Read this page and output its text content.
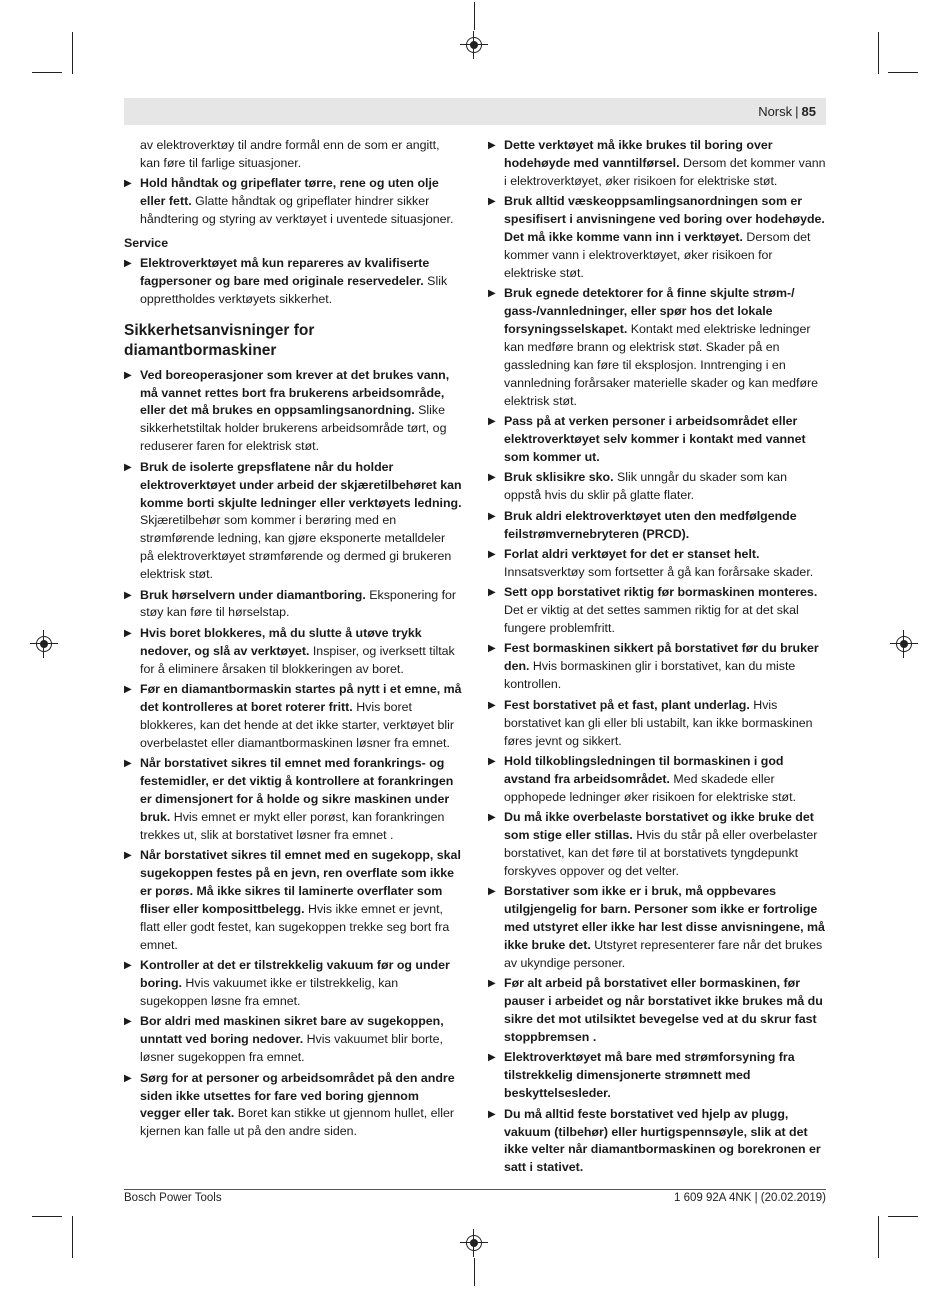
Norsk | 85

av elektroverktøy til andre formål enn de som er angitt, kan føre til farlige situasjoner.

▶ Hold håndtak og gripeflater tørre, rene og uten olje eller fett. Glatte håndtak og gripeflater hindrer sikker håndtering og styring av verktøyet i uventede situasjoner.

Service

▶ Elektroverktøyet må kun repareres av kvalifiserte fagpersoner og bare med originale reservedeler. Slik opprettholdes verktøyets sikkerhet.

Sikkerhetsanvisninger for diamantbormaskiner

▶ Ved boreoperasjoner som krever at det brukes vann, må vannet rettes bort fra brukerens arbeidsområde, eller det må brukes en oppsamlingsanordning. Slike sikkerhetstiltak holder brukerens arbeidsområde tørt, og reduserer faren for elektrisk støt.

▶ Bruk de isolerte grepsflatene når du holder elektroverktøyet under arbeid der skjæretilbehøret kan komme borti skjulte ledninger eller verktøyets ledning. Skjæretilbehør som kommer i berøring med en strømførende ledning, kan gjøre eksponerte metalldeler på elektroverktøyet strømførende og dermed gi brukeren elektrisk støt.

▶ Bruk hørselvern under diamantboring. Eksponering for støy kan føre til hørselstap.

▶ Hvis boret blokkeres, må du slutte å utøve trykk nedover, og slå av verktøyet. Inspiser, og iverksett tiltak for å eliminere årsaken til blokkeringen av boret.

▶ Før en diamantbormaskin startes på nytt i et emne, må det kontrolleres at boret roterer fritt. Hvis boret blokkeres, kan det hende at det ikke starter, verktøyet blir overbelastet eller diamantbormaskinen løsner fra emnet.

▶ Når borstativet sikres til emnet med forankrings- og festemidler, er det viktig å kontrollere at forankringen er dimensjonert for å holde og sikre maskinen under bruk. Hvis emnet er mykt eller porøst, kan forankringen trekkes ut, slik at borstativet løsner fra emnet .

▶ Når borstativet sikres til emnet med en sugekopp, skal sugekoppen festes på en jevn, ren overflate som ikke er porøs. Må ikke sikres til laminerte overflater som fliser eller komposittbelegg. Hvis ikke emnet er jevnt, flatt eller godt festet, kan sugekoppen trekke seg bort fra emnet.

▶ Kontroller at det er tilstrekkelig vakuum før og under boring. Hvis vakuumet ikke er tilstrekkelig, kan sugekoppen løsne fra emnet.

▶ Bor aldri med maskinen sikret bare av sugekoppen, unntatt ved boring nedover. Hvis vakuumet blir borte, løsner sugekoppen fra emnet.

▶ Sørg for at personer og arbeidsområdet på den andre siden ikke utsettes for fare ved boring gjennom vegger eller tak. Boret kan stikke ut gjennom hullet, eller kjernen kan falle ut på den andre siden.

▶ Dette verktøyet må ikke brukes til boring over hodehøyde med vanntilførsel. Dersom det kommer vann i elektroverktøyet, øker risikoen for elektriske støt.

▶ Bruk alltid væskeoppsamlingsanordningen som er spesifisert i anvisningene ved boring over hodehøyde. Det må ikke komme vann inn i verktøyet. Dersom det kommer vann i elektroverktøyet, øker risikoen for elektriske støt.

▶ Bruk egnede detektorer for å finne skjulte strøm-/ gass-/vannledninger, eller spør hos det lokale forsyningsselskapet. Kontakt med elektriske ledninger kan medføre brann og elektrisk støt. Skader på en gassledning kan føre til eksplosjon. Inntrenging i en vannledning forårsaker materielle skader og kan medføre elektrisk støt.

▶ Pass på at verken personer i arbeidsområdet eller elektroverktøyet selv kommer i kontakt med vannet som kommer ut.

▶ Bruk sklisikre sko. Slik unngår du skader som kan oppstå hvis du sklir på glatte flater.

▶ Bruk aldri elektroverktøyet uten den medfølgende feilstrømvernebryteren (PRCD).

▶ Forlat aldri verktøyet for det er stanset helt. Innsatsverktøy som fortsetter å gå kan forårsake skader.

▶ Sett opp borstativet riktig før bormaskinen monteres. Det er viktig at det settes sammen riktig for at det skal fungere problemfritt.

▶ Fest bormaskinen sikkert på borstativet før du bruker den. Hvis bormaskinen glir i borstativet, kan du miste kontrollen.

▶ Fest borstativet på et fast, plant underlag. Hvis borstativet kan gli eller bli ustabilt, kan ikke bormaskinen føres jevnt og sikkert.

▶ Hold tilkoblingsledningen til bormaskinen i god avstand fra arbeidsområdet. Med skadede eller opphopede ledninger øker risikoen for elektriske støt.

▶ Du må ikke overbelaste borstativet og ikke bruke det som stige eller stillas. Hvis du står på eller overbelaster borstativet, kan det føre til at borstativets tyngdepunkt forskyves oppover og det velter.

▶ Borstativer som ikke er i bruk, må oppbevares utilgjengelig for barn. Personer som ikke er fortrolige med utstyret eller ikke har lest disse anvisningene, må ikke bruke det. Utstyret representerer fare når det brukes av ukyndige personer.

▶ Før alt arbeid på borstativet eller bormaskinen, før pauser i arbeidet og når borstativet ikke brukes må du sikre det mot utilsiktet bevegelse ved at du skrur fast stoppbremsen .

▶ Elektroverktøyet må bare med strømforsyning fra tilstrekkelig dimensjonerte strømnett med beskyttelsesleder.

▶ Du må alltid feste borstativet ved hjelp av plugg, vakuum (tilbehør) eller hurtigspennsøyle, slik at det ikke velter når diamantbormaskinen og borekronen er satt i stativet.

Bosch Power Tools	1 609 92A 4NK | (20.02.2019)
